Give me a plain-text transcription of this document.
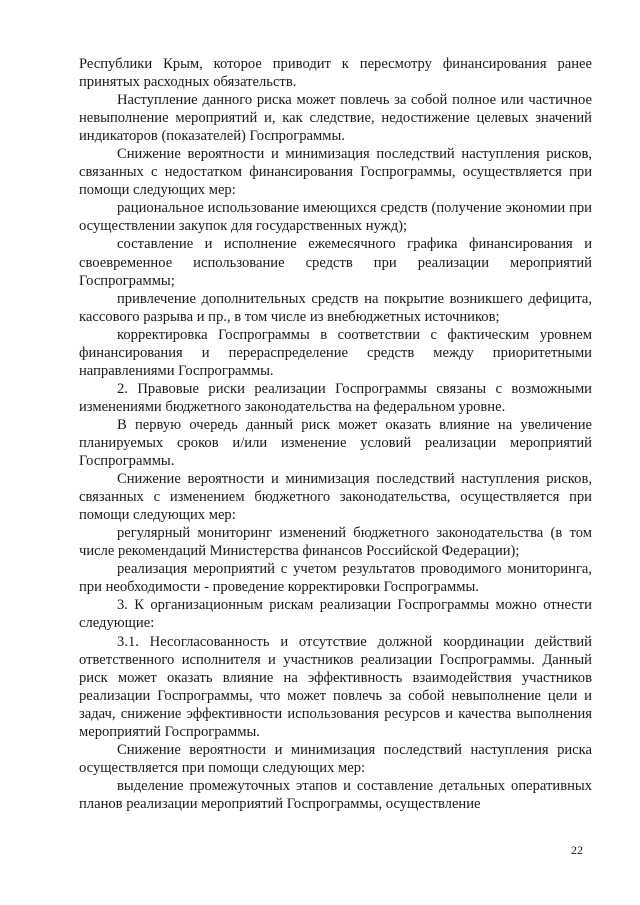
Республики Крым, которое приводит к пересмотру финансирования ранее принятых расходных обязательств.

Наступление данного риска может повлечь за собой полное или частичное невыполнение мероприятий и, как следствие, недостижение целевых значений индикаторов (показателей) Госпрограммы.

Снижение вероятности и минимизация последствий наступления рисков, связанных с недостатком финансирования Госпрограммы, осуществляется при помощи следующих мер:

рациональное использование имеющихся средств (получение экономии при осуществлении закупок для государственных нужд);

составление и исполнение ежемесячного графика финансирования и своевременное использование средств при реализации мероприятий Госпрограммы;

привлечение дополнительных средств на покрытие возникшего дефицита, кассового разрыва и пр., в том числе из внебюджетных источников;

корректировка Госпрограммы в соответствии с фактическим уровнем финансирования и перераспределение средств между приоритетными направлениями Госпрограммы.

2. Правовые риски реализации Госпрограммы связаны с возможными изменениями бюджетного законодательства на федеральном уровне.

В первую очередь данный риск может оказать влияние на увеличение планируемых сроков и/или изменение условий реализации мероприятий Госпрограммы.

Снижение вероятности и минимизация последствий наступления рисков, связанных с изменением бюджетного законодательства, осуществляется при помощи следующих мер:

регулярный мониторинг изменений бюджетного законодательства (в том числе рекомендаций Министерства финансов Российской Федерации);

реализация мероприятий с учетом результатов проводимого мониторинга, при необходимости - проведение корректировки Госпрограммы.

3. К организационным рискам реализации Госпрограммы можно отнести следующие:

3.1. Несогласованность и отсутствие должной координации действий ответственного исполнителя и участников реализации Госпрограммы. Данный риск может оказать влияние на эффективность взаимодействия участников реализации Госпрограммы, что может повлечь за собой невыполнение цели и задач, снижение эффективности использования ресурсов и качества выполнения мероприятий Госпрограммы.

Снижение вероятности и минимизация последствий наступления риска осуществляется при помощи следующих мер:

выделение промежуточных этапов и составление детальных оперативных планов реализации мероприятий Госпрограммы, осуществление

22
